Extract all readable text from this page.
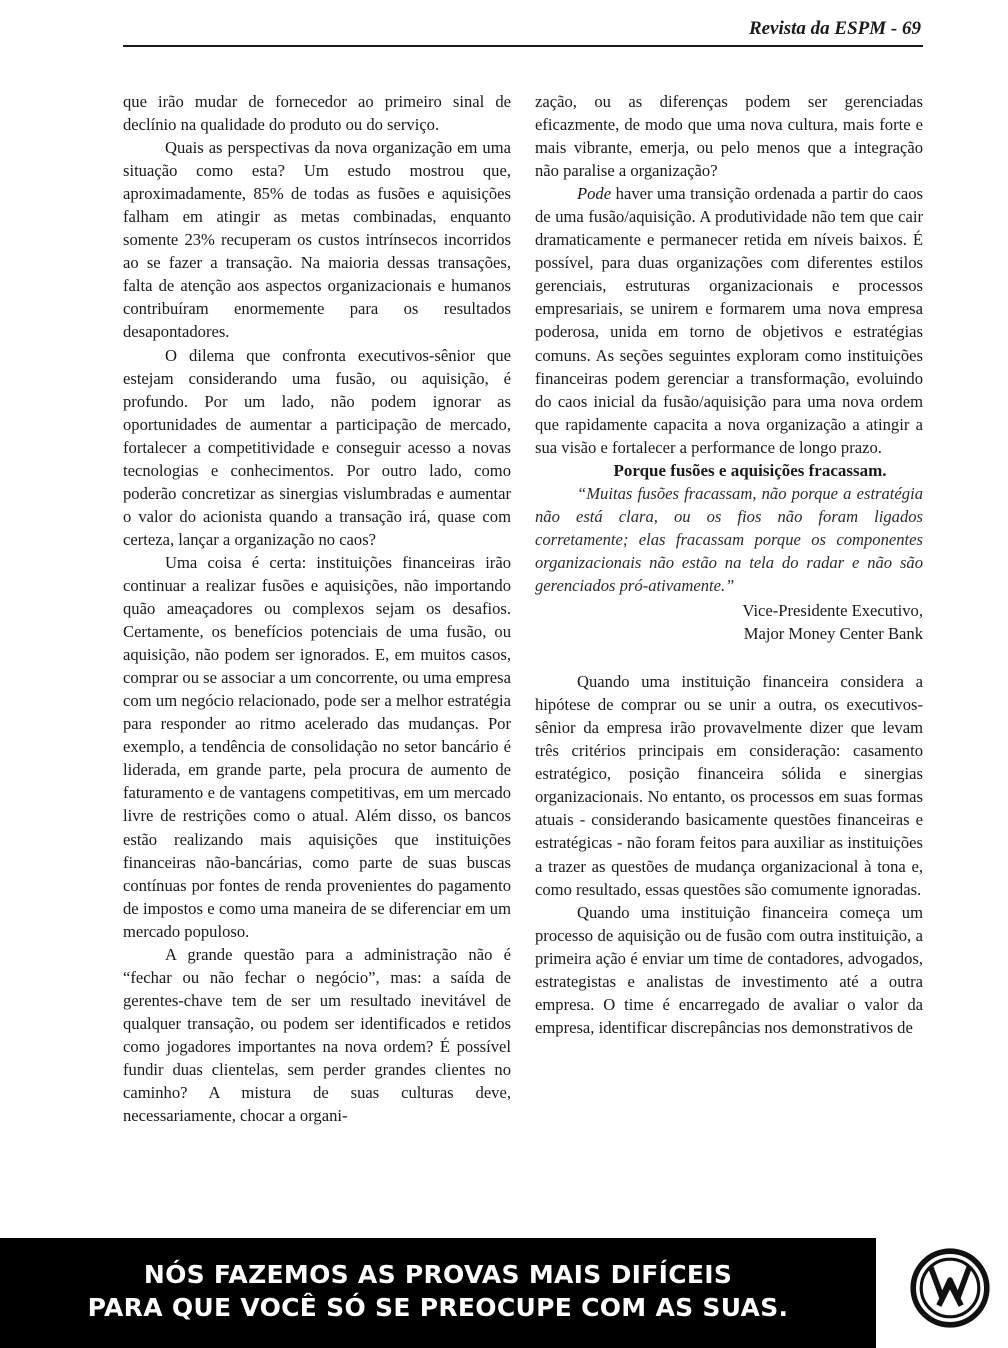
Revista da ESPM - 69

que irão mudar de fornecedor ao primeiro sinal de declínio na qualidade do produto ou do serviço.

Quais as perspectivas da nova organização em uma situação como esta? Um estudo mostrou que, aproximadamente, 85% de todas as fusões e aquisições falham em atingir as metas combinadas, enquanto somente 23% recuperam os custos intrínsecos incorridos ao se fazer a transação. Na maioria dessas transações, falta de atenção aos aspectos organizacionais e humanos contribuíram enormemente para os resultados desapontadores.

O dilema que confronta executivos-sênior que estejam considerando uma fusão, ou aquisição, é profundo. Por um lado, não podem ignorar as oportunidades de aumentar a participação de mercado, fortalecer a competitividade e conseguir acesso a novas tecnologias e conhecimentos. Por outro lado, como poderão concretizar as sinergias vislumbradas e aumentar o valor do acionista quando a transação irá, quase com certeza, lançar a organização no caos?

Uma coisa é certa: instituições financeiras irão continuar a realizar fusões e aquisições, não importando quão ameaçadores ou complexos sejam os desafios. Certamente, os benefícios potenciais de uma fusão, ou aquisição, não podem ser ignorados. E, em muitos casos, comprar ou se associar a um concorrente, ou uma empresa com um negócio relacionado, pode ser a melhor estratégia para responder ao ritmo acelerado das mudanças. Por exemplo, a tendência de consolidação no setor bancário é liderada, em grande parte, pela procura de aumento de faturamento e de vantagens competitivas, em um mercado livre de restrições como o atual. Além disso, os bancos estão realizando mais aquisições que instituições financeiras não-bancárias, como parte de suas buscas contínuas por fontes de renda provenientes do pagamento de impostos e como uma maneira de se diferenciar em um mercado populoso.

A grande questão para a administração não é “fechar ou não fechar o negócio”, mas: a saída de gerentes-chave tem de ser um resultado inevitável de qualquer transação, ou podem ser identificados e retidos como jogadores importantes na nova ordem? É possível fundir duas clientelas, sem perder grandes clientes no caminho? A mistura de suas culturas deve, necessariamente, chocar a organi-

zação, ou as diferenças podem ser gerenciadas eficazmente, de modo que uma nova cultura, mais forte e mais vibrante, emerja, ou pelo menos que a integração não paralise a organização?

Pode haver uma transição ordenada a partir do caos de uma fusão/aquisição. A produtividade não tem que cair dramaticamente e permanecer retida em níveis baixos. É possível, para duas organizações com diferentes estilos gerenciais, estruturas organizacionais e processos empresariais, se unirem e formarem uma nova empresa poderosa, unida em torno de objetivos e estratégias comuns. As seções seguintes exploram como instituições financeiras podem gerenciar a transformação, evoluindo do caos inicial da fusão/aquisição para uma nova ordem que rapidamente capacita a nova organização a atingir a sua visão e fortalecer a performance de longo prazo.

Porque fusões e aquisições fracassam.

“Muitas fusões fracassam, não porque a estratégia não está clara, ou os fios não foram ligados corretamente; elas fracassam porque os componentes organizacionais não estão na tela do radar e não são gerenciados pró-ativamente.”

Vice-Presidente Executivo,
Major Money Center Bank

Quando uma instituição financeira considera a hipótese de comprar ou se unir a outra, os executivos-sênior da empresa irão provavelmente dizer que levam três critérios principais em consideração: casamento estratégico, posição financeira sólida e sinergias organizacionais. No entanto, os processos em suas formas atuais - considerando basicamente questões financeiras e estratégicas - não foram feitos para auxiliar as instituições a trazer as questões de mudança organizacional à tona e, como resultado, essas questões são comumente ignoradas.

Quando uma instituição financeira começa um processo de aquisição ou de fusão com outra instituição, a primeira ação é enviar um time de contadores, advogados, estrategistas e analistas de investimento até a outra empresa. O time é encarregado de avaliar o valor da empresa, identificar discrepâncias nos demonstrativos de

NÓS FAZEMOS AS PROVAS MAIS DIFÍCEIS
PARA QUE VOCÊ SÓ SE PREOCUPE COM AS SUAS.
